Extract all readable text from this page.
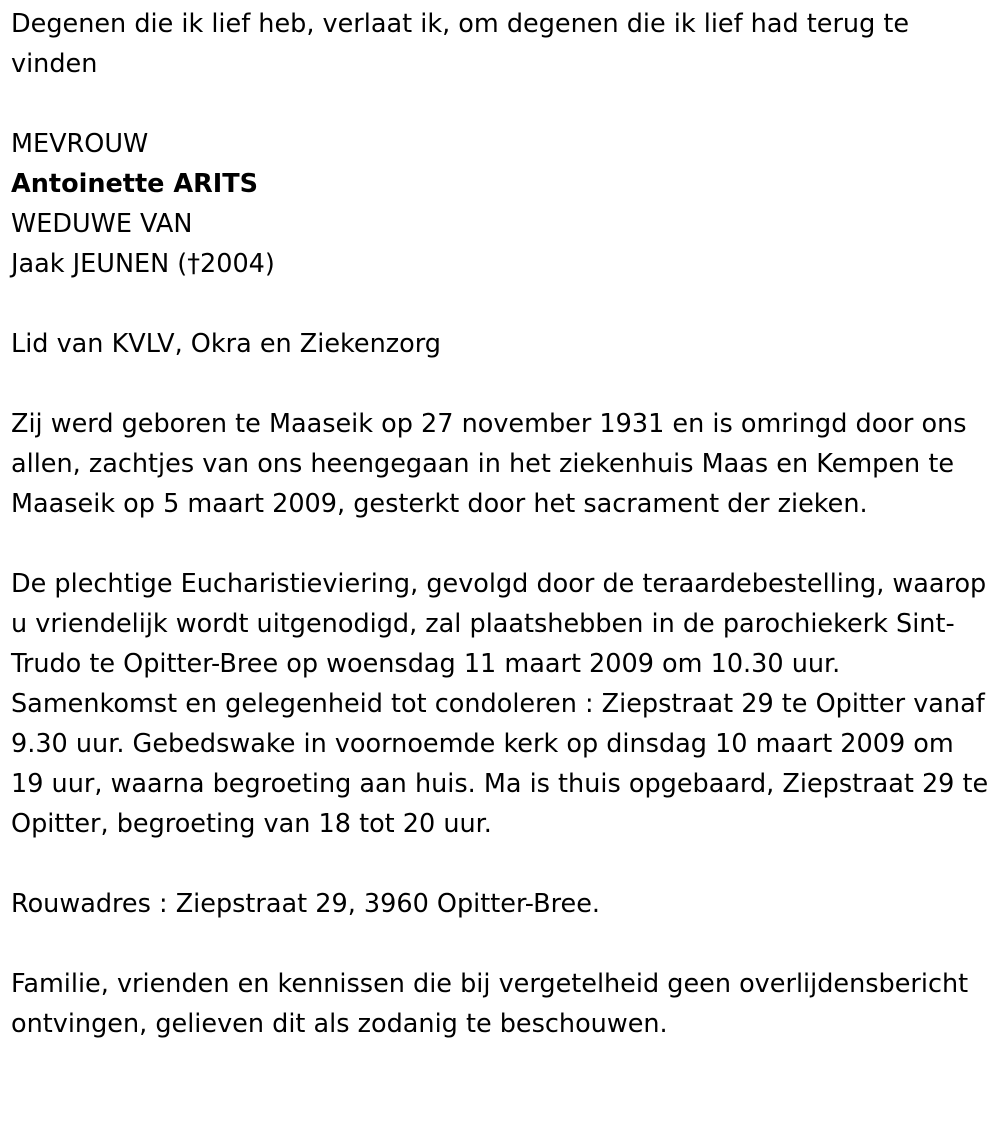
Degenen die ik lief heb, verlaat ik, om degenen die ik lief had terug te vinden

MEVROUW

Antoinette ARITS

WEDUWE VAN

Jaak JEUNEN (†2004)

Lid van KVLV, Okra en Ziekenzorg

Zij werd geboren te Maaseik op 27 november 1931 en is omringd door ons allen, zachtjes van ons heengegaan in het ziekenhuis Maas en Kempen te Maaseik op 5 maart 2009, gesterkt door het sacrament der zieken.

De plechtige Eucharistieviering, gevolgd door de teraardebestelling, waarop u vriendelijk wordt uitgenodigd, zal plaatshebben in de parochiekerk Sint-Trudo te Opitter-Bree op woensdag 11 maart 2009 om 10.30 uur. Samenkomst en gelegenheid tot condoleren : Ziepstraat 29 te Opitter vanaf 9.30 uur. Gebedswake in voornoemde kerk op dinsdag 10 maart 2009 om 19 uur, waarna begroeting aan huis. Ma is thuis opgebaard, Ziepstraat 29 te Opitter, begroeting van 18 tot 20 uur.

Rouwadres : Ziepstraat 29, 3960 Opitter-Bree.

Familie, vrienden en kennissen die bij vergetelheid geen overlijdensbericht ontvingen, gelieven dit als zodanig te beschouwen.
